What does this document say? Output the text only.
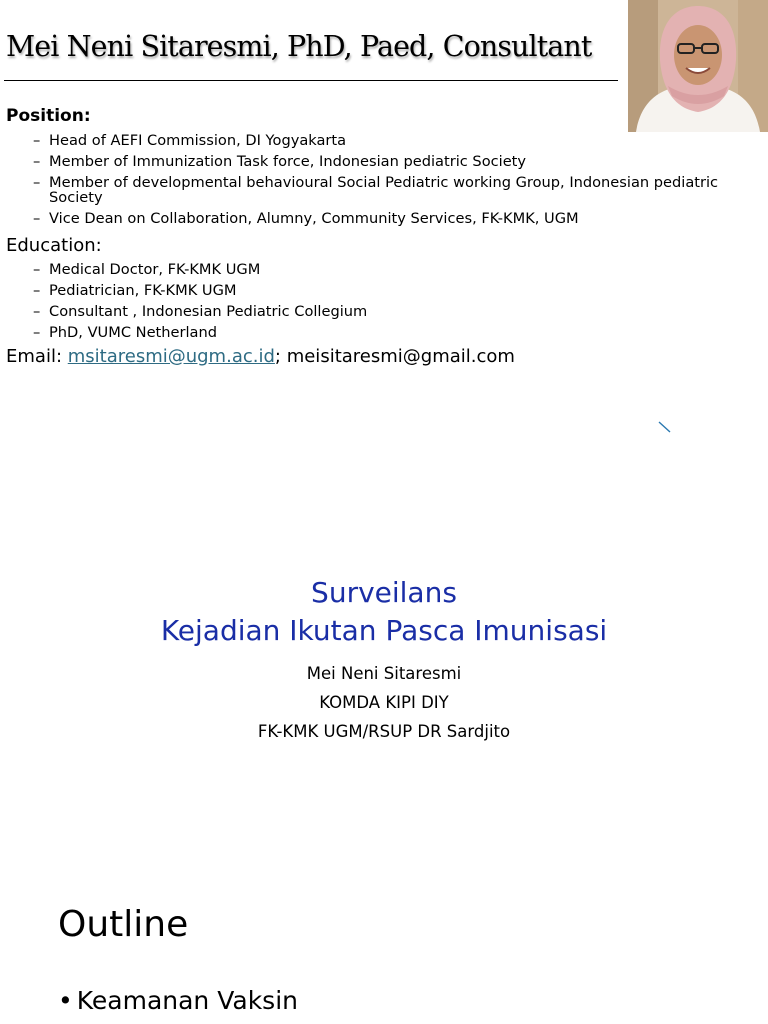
Mei Neni Sitaresmi, PhD, Paed, Consultant
Position:
– Head of AEFI Commission, DI Yogyakarta
– Member of Immunization Task force, Indonesian pediatric Society
– Member of developmental behavioural Social Pediatric working Group, Indonesian pediatric Society
– Vice Dean on Collaboration, Alumny, Community Services, FK-KMK, UGM
Education:
– Medical Doctor, FK-KMK UGM
– Pediatrician, FK-KMK UGM
– Consultant , Indonesian Pediatric Collegium
– PhD, VUMC Netherland
Email: msitaresmi@ugm.ac.id; meisitaresmi@gmail.com
Surveilans
Kejadian Ikutan Pasca Imunisasi
Mei Neni Sitaresmi
KOMDA KIPI DIY
FK-KMK UGM/RSUP DR Sardjito
Outline
• Keamanan Vaksin
